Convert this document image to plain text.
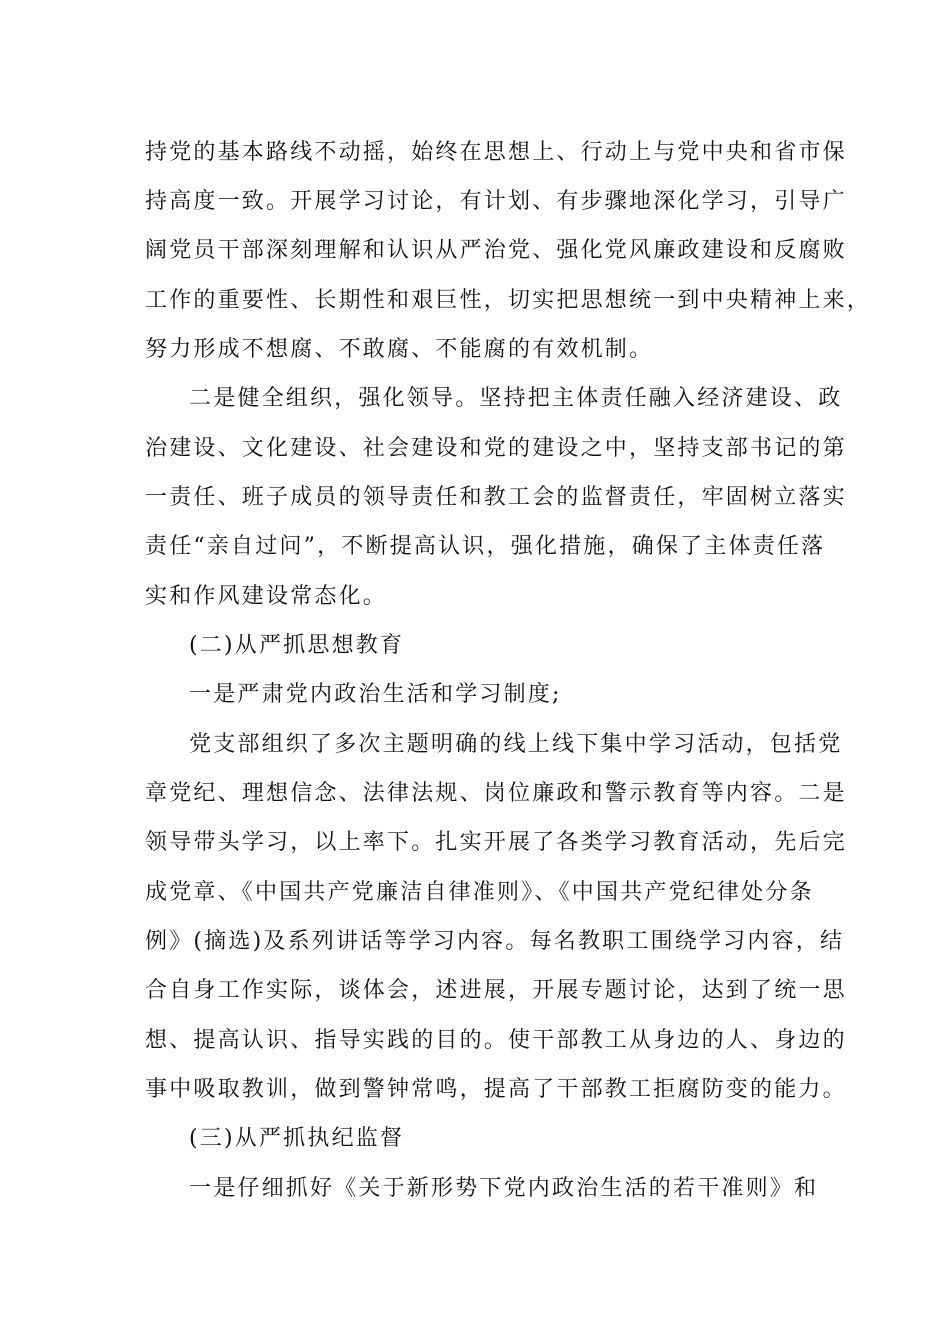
持党的基本路线不动摇，始终在思想上、行动上与党中央和省市保
持高度一致。开展学习讨论，有计划、有步骤地深化学习，引导广
阔党员干部深刻理解和认识从严治党、强化党风廉政建设和反腐败
工作的重要性、长期性和艰巨性，切实把思想统一到中央精神上来，
努力形成不想腐、不敢腐、不能腐的有效机制。
二是健全组织，强化领导。坚持把主体责任融入经济建设、政
治建设、文化建设、社会建设和党的建设之中，坚持支部书记的第
一责任、班子成员的领导责任和教工会的监督责任，牢固树立落实
责任“亲自过问”，不断提高认识，强化措施，确保了主体责任落
实和作风建设常态化。
(二)从严抓思想教育
一是严肃党内政治生活和学习制度;
党支部组织了多次主题明确的线上线下集中学习活动，包括党
章党纪、理想信念、法律法规、岗位廉政和警示教育等内容。二是
领导带头学习，以上率下。扎实开展了各类学习教育活动，先后完
成党章、《中国共产党廉洁自律准则》、《中国共产党纪律处分条
例》(摘选)及系列讲话等学习内容。每名教职工围绕学习内容，结
合自身工作实际，谈体会，述进展，开展专题讨论，达到了统一思
想、提高认识、指导实践的目的。使干部教工从身边的人、身边的
事中吸取教训，做到警钟常鸣，提高了干部教工拒腐防变的能力。
(三)从严抓执纪监督
一是仔细抓好《关于新形势下党内政治生活的若干准则》和
